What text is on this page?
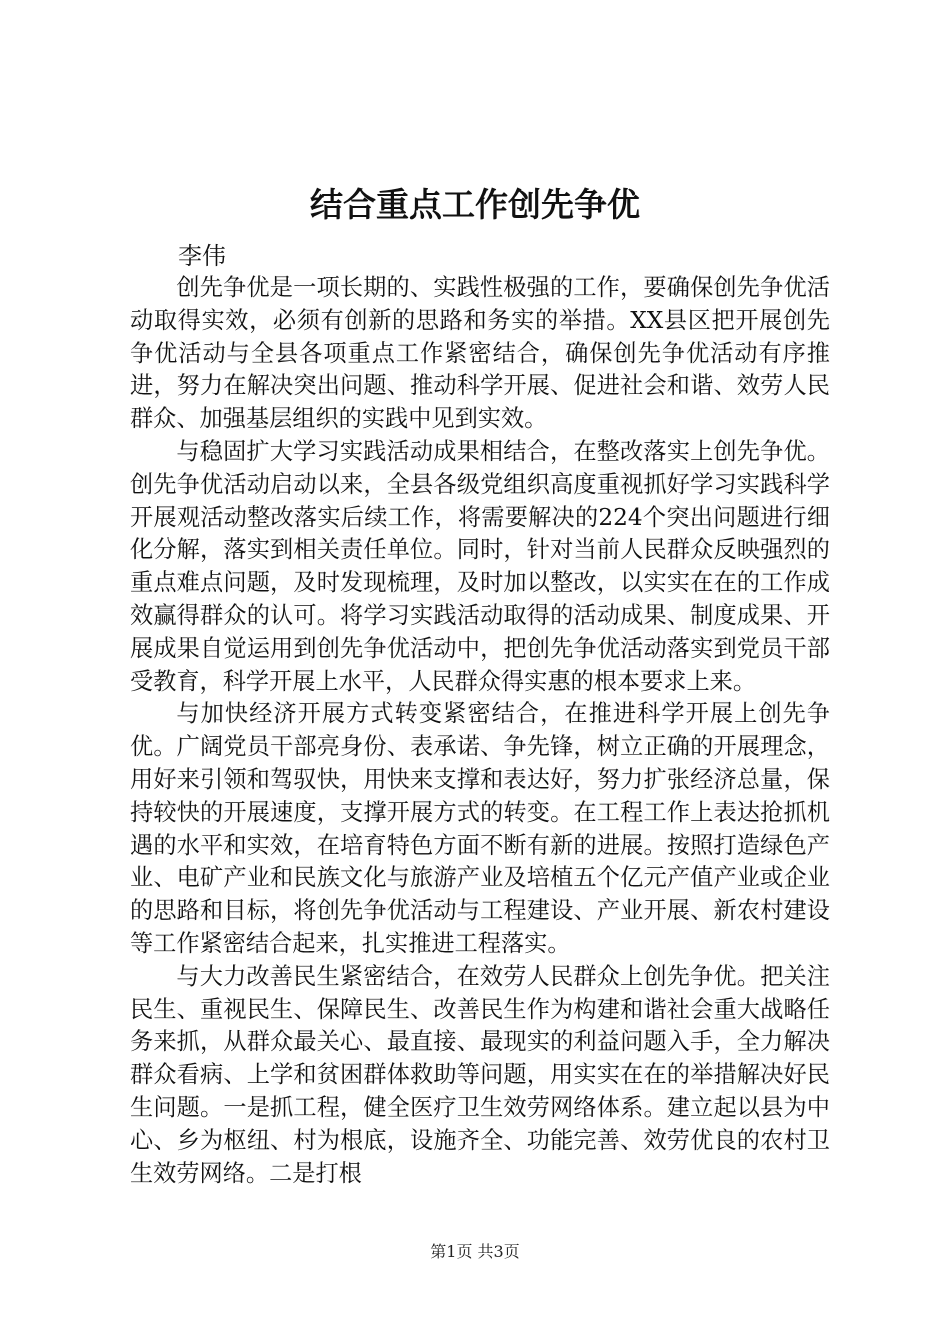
结合重点工作创先争优
李伟

创先争优是一项长期的、实践性极强的工作，要确保创先争优活动取得实效，必须有创新的思路和务实的举措。XX县区把开展创先争优活动与全县各项重点工作紧密结合，确保创先争优活动有序推进，努力在解决突出问题、推动科学开展、促进社会和谐、效劳人民群众、加强基层组织的实践中见到实效。

与稳固扩大学习实践活动成果相结合，在整改落实上创先争优。创先争优活动启动以来，全县各级党组织高度重视抓好学习实践科学开展观活动整改落实后续工作，将需要解决的224个突出问题进行细化分解，落实到相关责任单位。同时，针对当前人民群众反映强烈的重点难点问题，及时发现梳理，及时加以整改，以实实在在的工作成效赢得群众的认可。将学习实践活动取得的活动成果、制度成果、开展成果自觉运用到创先争优活动中，把创先争优活动落实到党员干部受教育，科学开展上水平，人民群众得实惠的根本要求上来。

与加快经济开展方式转变紧密结合，在推进科学开展上创先争优。广阔党员干部亮身份、表承诺、争先锋，树立正确的开展理念，用好来引领和驾驭快，用快来支撑和表达好，努力扩张经济总量，保持较快的开展速度，支撑开展方式的转变。在工程工作上表达抢抓机遇的水平和实效，在培育特色方面不断有新的进展。按照打造绿色产业、电矿产业和民族文化与旅游产业及培植五个亿元产值产业或企业的思路和目标，将创先争优活动与工程建设、产业开展、新农村建设等工作紧密结合起来，扎实推进工程落实。

与大力改善民生紧密结合，在效劳人民群众上创先争优。把关注民生、重视民生、保障民生、改善民生作为构建和谐社会重大战略任务来抓，从群众最关心、最直接、最现实的利益问题入手，全力解决群众看病、上学和贫困群体救助等问题，用实实在在的举措解决好民生问题。一是抓工程，健全医疗卫生效劳网络体系。建立起以县为中心、乡为枢纽、村为根底，设施齐全、功能完善、效劳优良的农村卫生效劳网络。二是打根

第1页 共3页
